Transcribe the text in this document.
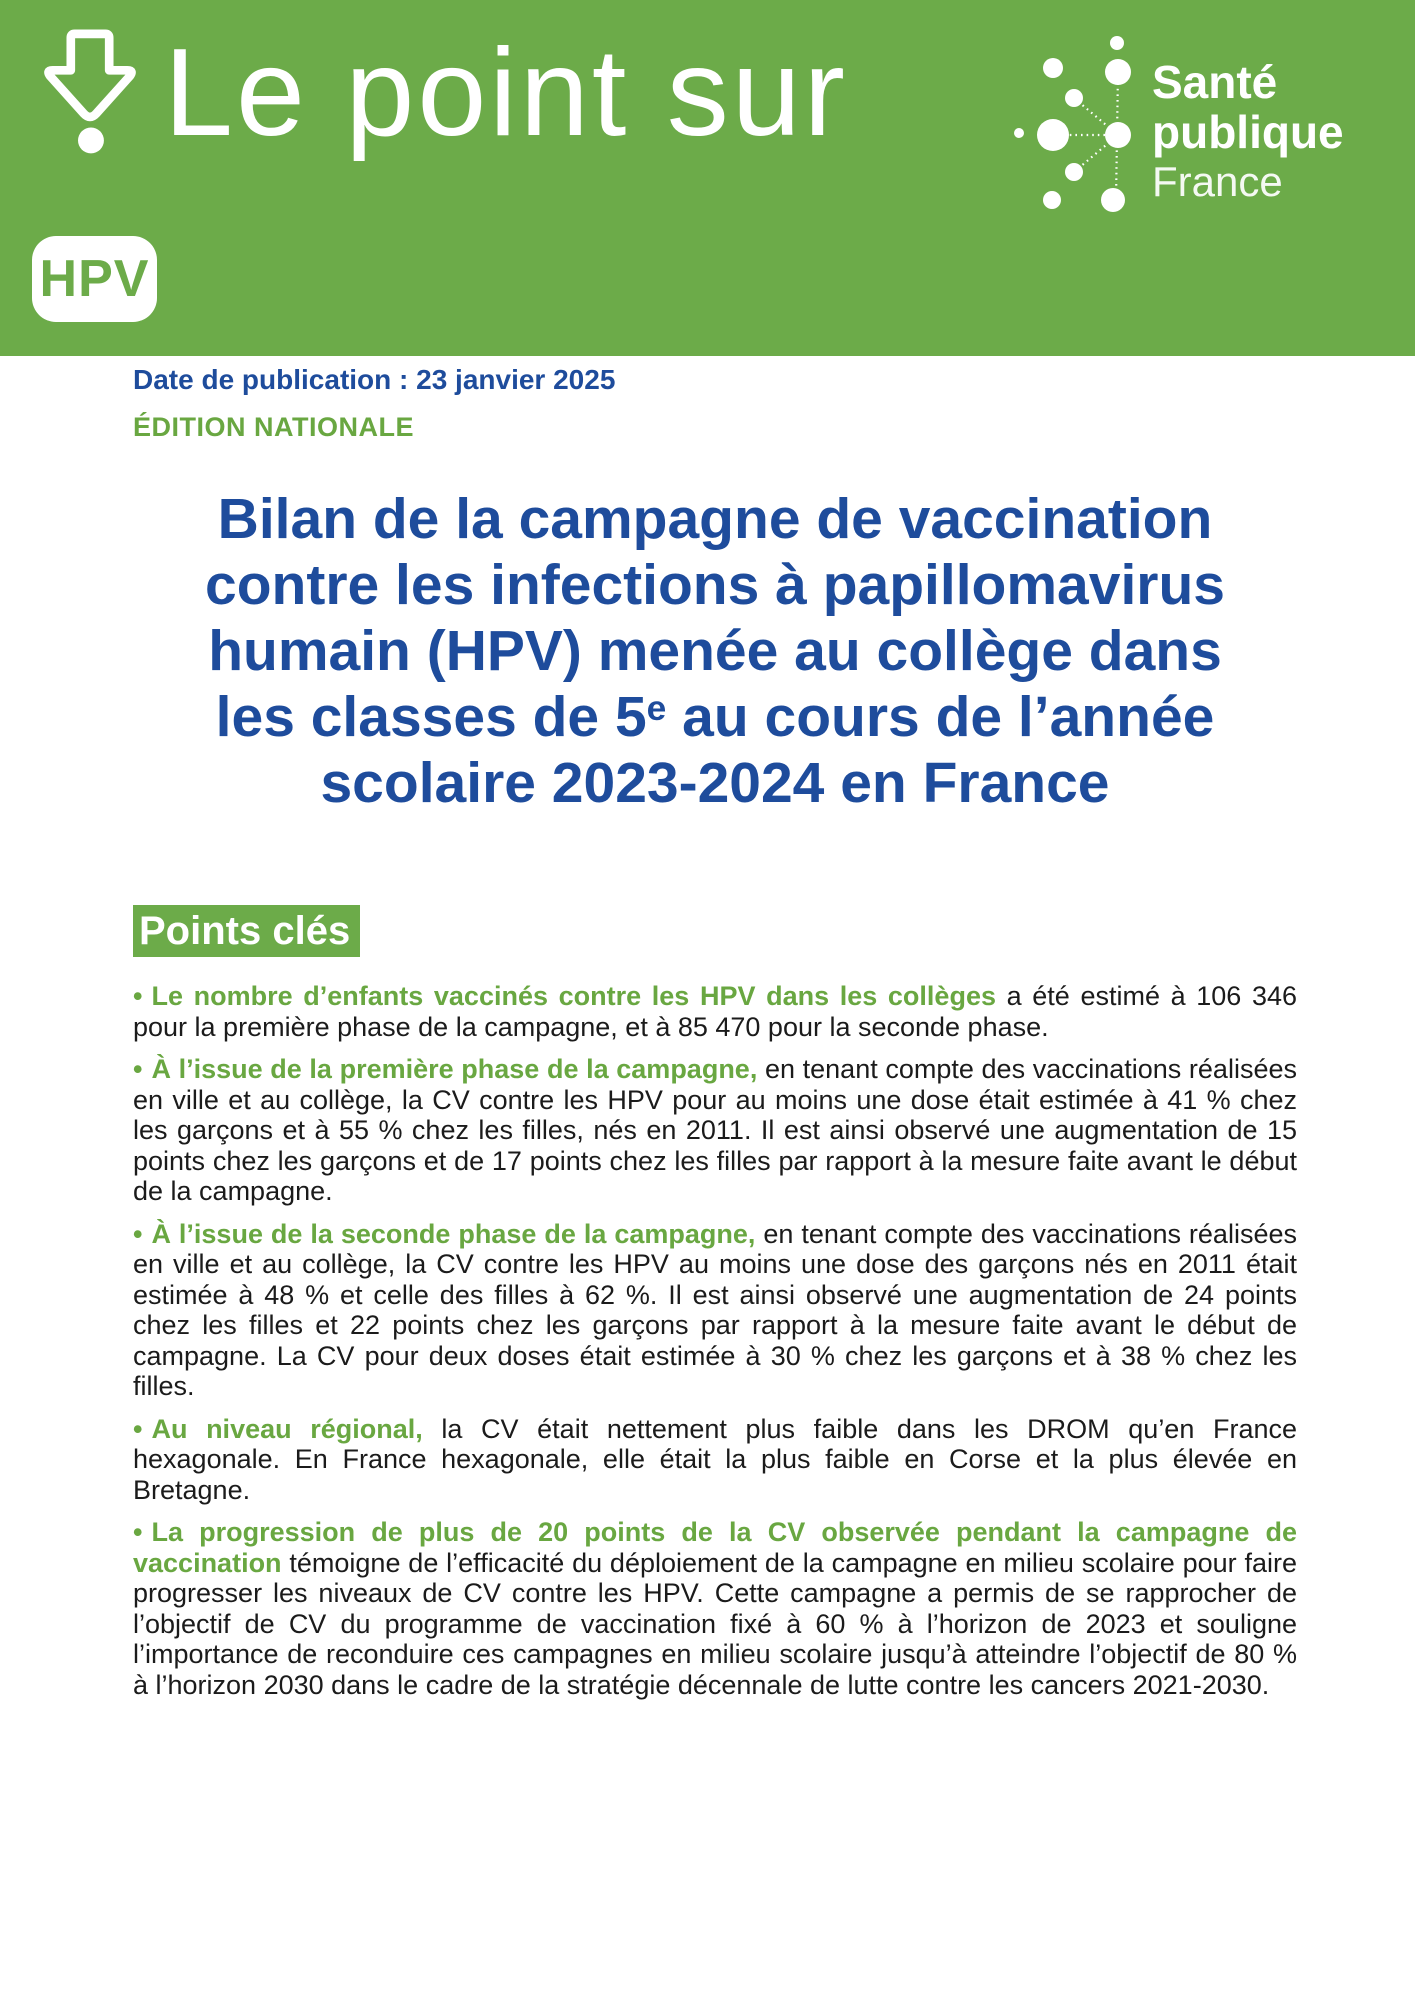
Le point sur	Santé
publique
France
HPV
Date de publication : 23 janvier 2025
ÉDITION NATIONALE
Bilan de la campagne de vaccination
contre les infections à papillomavirus
humain (HPV) menée au collège dans
les classes de 5e au cours de l’année
scolaire 2023-2024 en France
Points clés
• Le nombre d’enfants vaccinés contre les HPV dans les collèges a été estimé à 106 346 pour la première phase de la campagne, et à 85 470 pour la seconde phase.
• À l’issue de la première phase de la campagne, en tenant compte des vaccinations réalisées en ville et au collège, la CV contre les HPV pour au moins une dose était estimée à 41 % chez les garçons et à 55 % chez les filles, nés en 2011. Il est ainsi observé une augmentation de 15 points chez les garçons et de 17 points chez les filles par rapport à la mesure faite avant le début de la campagne.
• À l’issue de la seconde phase de la campagne, en tenant compte des vaccinations réalisées en ville et au collège, la CV contre les HPV au moins une dose des garçons nés en 2011 était estimée à 48 % et celle des filles à 62 %. Il est ainsi observé une augmentation de 24 points chez les filles et 22 points chez les garçons par rapport à la mesure faite avant le début de campagne. La CV pour deux doses était estimée à 30 % chez les garçons et à 38 % chez les filles.
• Au niveau régional, la CV était nettement plus faible dans les DROM qu’en France hexagonale. En France hexagonale, elle était la plus faible en Corse et la plus élevée en Bretagne.
• La progression de plus de 20 points de la CV observée pendant la campagne de vaccination témoigne de l’efficacité du déploiement de la campagne en milieu scolaire pour faire progresser les niveaux de CV contre les HPV. Cette campagne a permis de se rapprocher de l’objectif de CV du programme de vaccination fixé à 60 % à l’horizon de 2023 et souligne l’importance de reconduire ces campagnes en milieu scolaire jusqu’à atteindre l’objectif de 80 % à l’horizon 2030 dans le cadre de la stratégie décennale de lutte contre les cancers 2021-2030.
